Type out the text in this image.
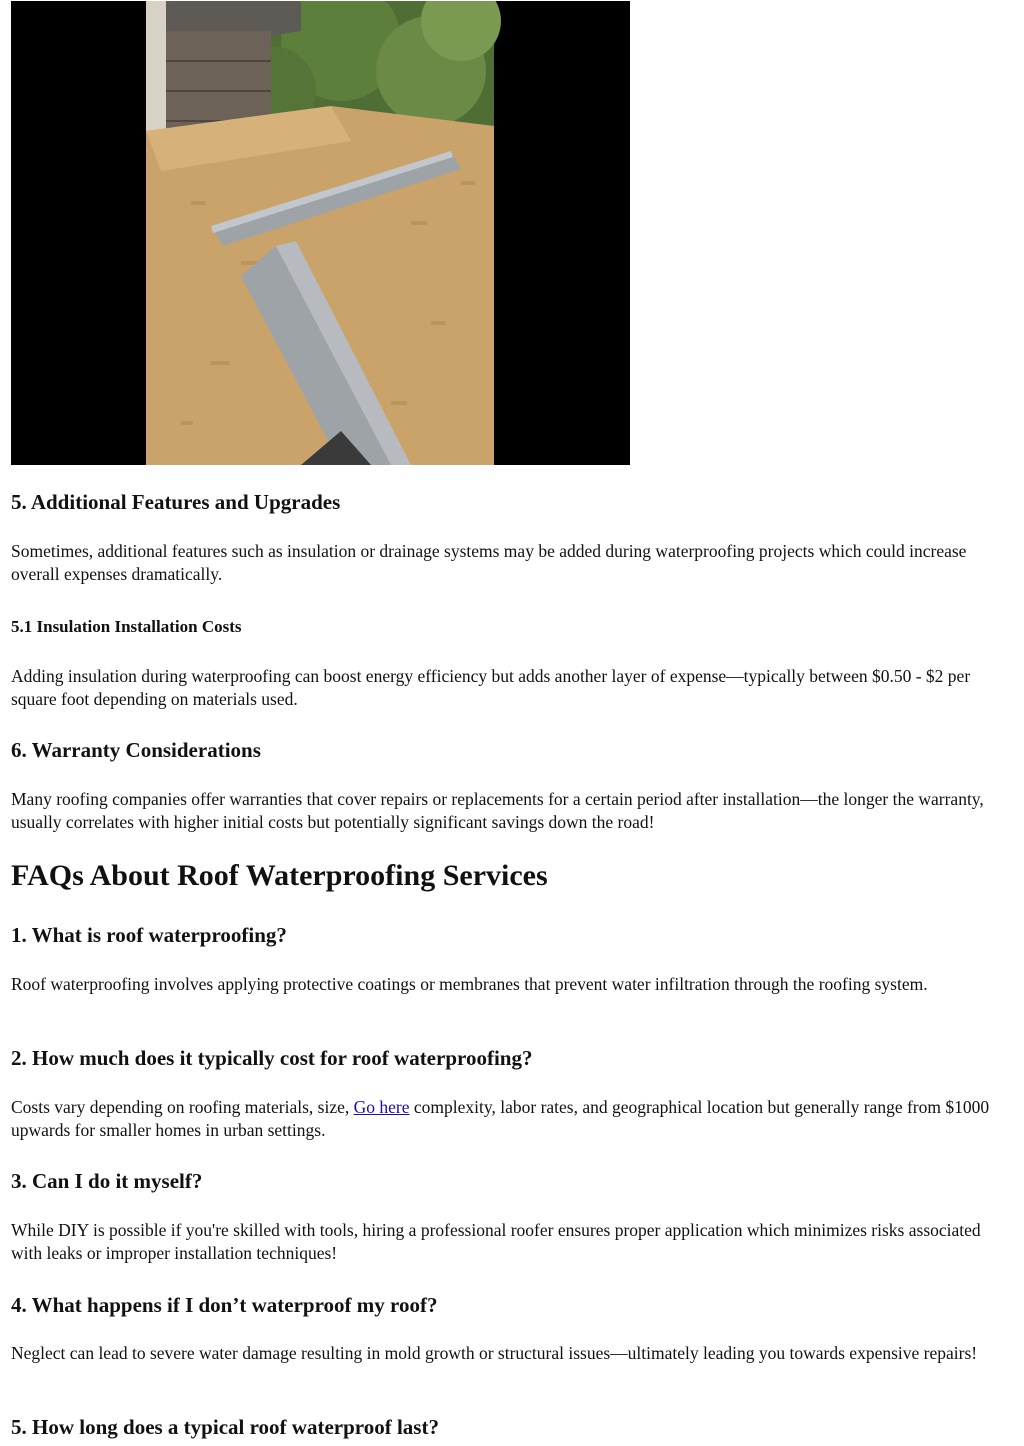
5. Additional Features and Upgrades

Sometimes, additional features such as insulation or drainage systems may be added during waterproofing projects which could increase overall expenses dramatically.

5.1 Insulation Installation Costs

Adding insulation during waterproofing can boost energy efficiency but adds another layer of expense—typically between $0.50 - $2 per square foot depending on materials used.

6. Warranty Considerations

Many roofing companies offer warranties that cover repairs or replacements for a certain period after installation—the longer the warranty, usually correlates with higher initial costs but potentially significant savings down the road!

FAQs About Roof Waterproofing Services
1. What is roof waterproofing?

Roof waterproofing involves applying protective coatings or membranes that prevent water infiltration through the roofing system.

2. How much does it typically cost for roof waterproofing?

Costs vary depending on roofing materials, size, Go here complexity, labor rates, and geographical location but generally range from $1000 upwards for smaller homes in urban settings.

3. Can I do it myself?

While DIY is possible if you're skilled with tools, hiring a professional roofer ensures proper application which minimizes risks associated with leaks or improper installation techniques!

4. What happens if I don’t waterproof my roof?

Neglect can lead to severe water damage resulting in mold growth or structural issues—ultimately leading you towards expensive repairs!

5. How long does a typical roof waterproof last?
